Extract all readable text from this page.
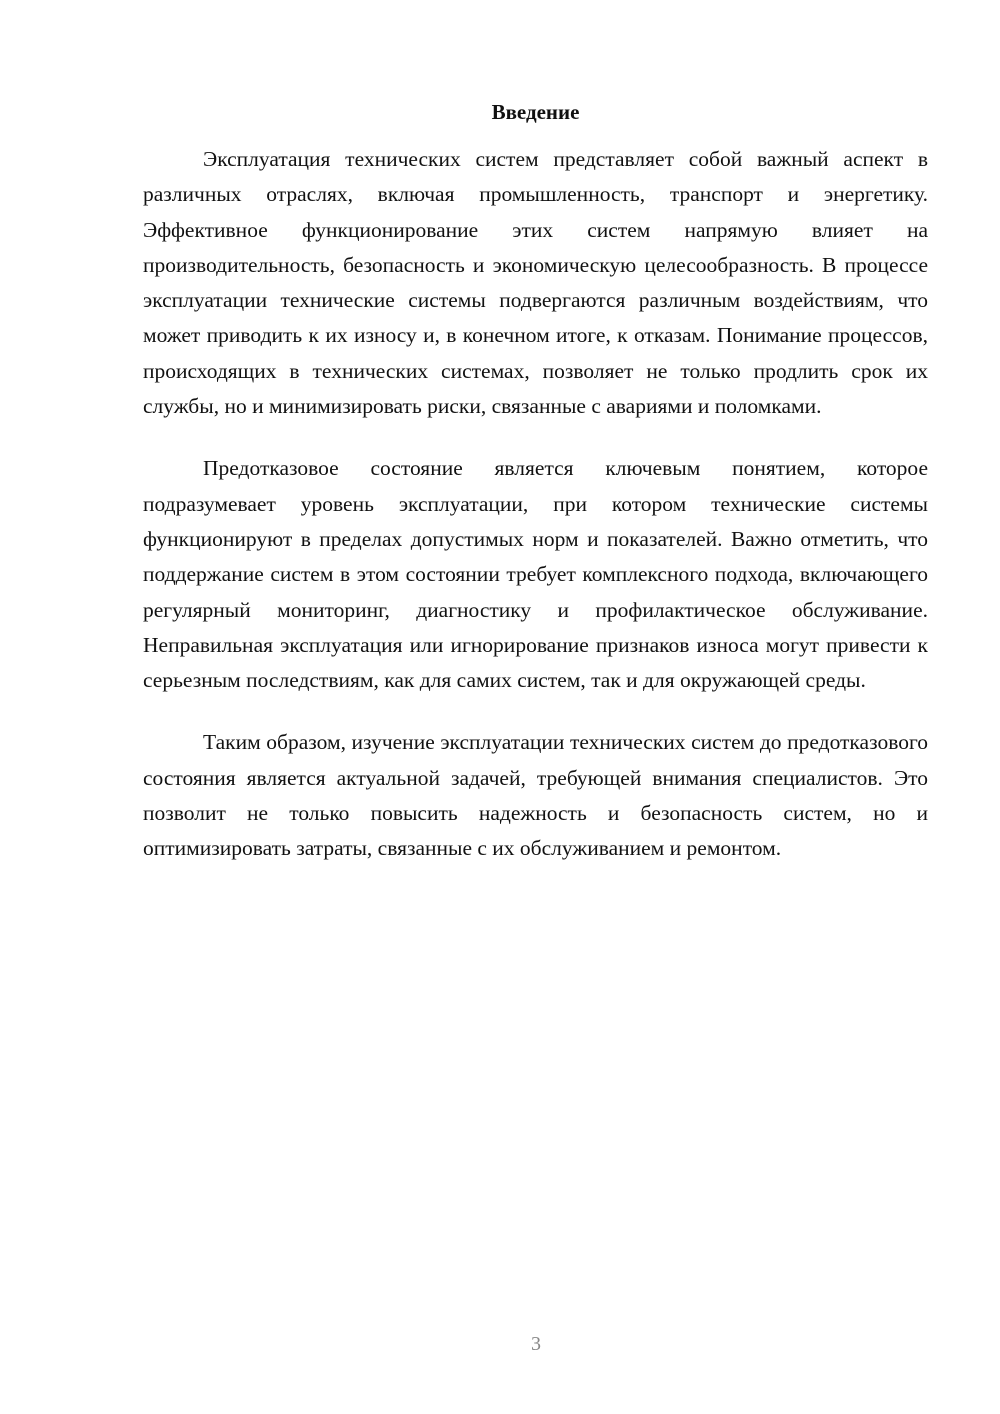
Введение

Эксплуатация технических систем представляет собой важный аспект в различных отраслях, включая промышленность, транспорт и энергетику. Эффективное функционирование этих систем напрямую влияет на производительность, безопасность и экономическую целесообразность. В процессе эксплуатации технические системы подвергаются различным воздействиям, что может приводить к их износу и, в конечном итоге, к отказам. Понимание процессов, происходящих в технических системах, позволяет не только продлить срок их службы, но и минимизировать риски, связанные с авариями и поломками.

Предотказовое состояние является ключевым понятием, которое подразумевает уровень эксплуатации, при котором технические системы функционируют в пределах допустимых норм и показателей. Важно отметить, что поддержание систем в этом состоянии требует комплексного подхода, включающего регулярный мониторинг, диагностику и профилактическое обслуживание. Неправильная эксплуатация или игнорирование признаков износа могут привести к серьезным последствиям, как для самих систем, так и для окружающей среды.

Таким образом, изучение эксплуатации технических систем до предотказового состояния является актуальной задачей, требующей внимания специалистов. Это позволит не только повысить надежность и безопасность систем, но и оптимизировать затраты, связанные с их обслуживанием и ремонтом.

3
